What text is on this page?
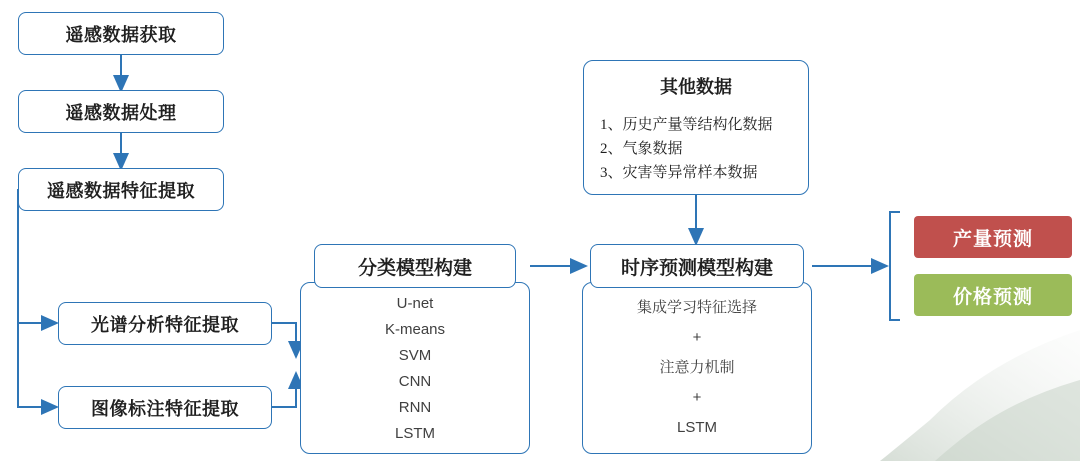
遥感数据获取
遥感数据处理
遥感数据特征提取
光谱分析特征提取
图像标注特征提取
分类模型构建
U-net
K-means
SVM
CNN
RNN
LSTM
时序预测模型构建
集成学习特征选择
+
注意力机制
+
LSTM
其他数据
1、历史产量等结构化数据
2、气象数据
3、灾害等异常样本数据
产量预测
价格预测
